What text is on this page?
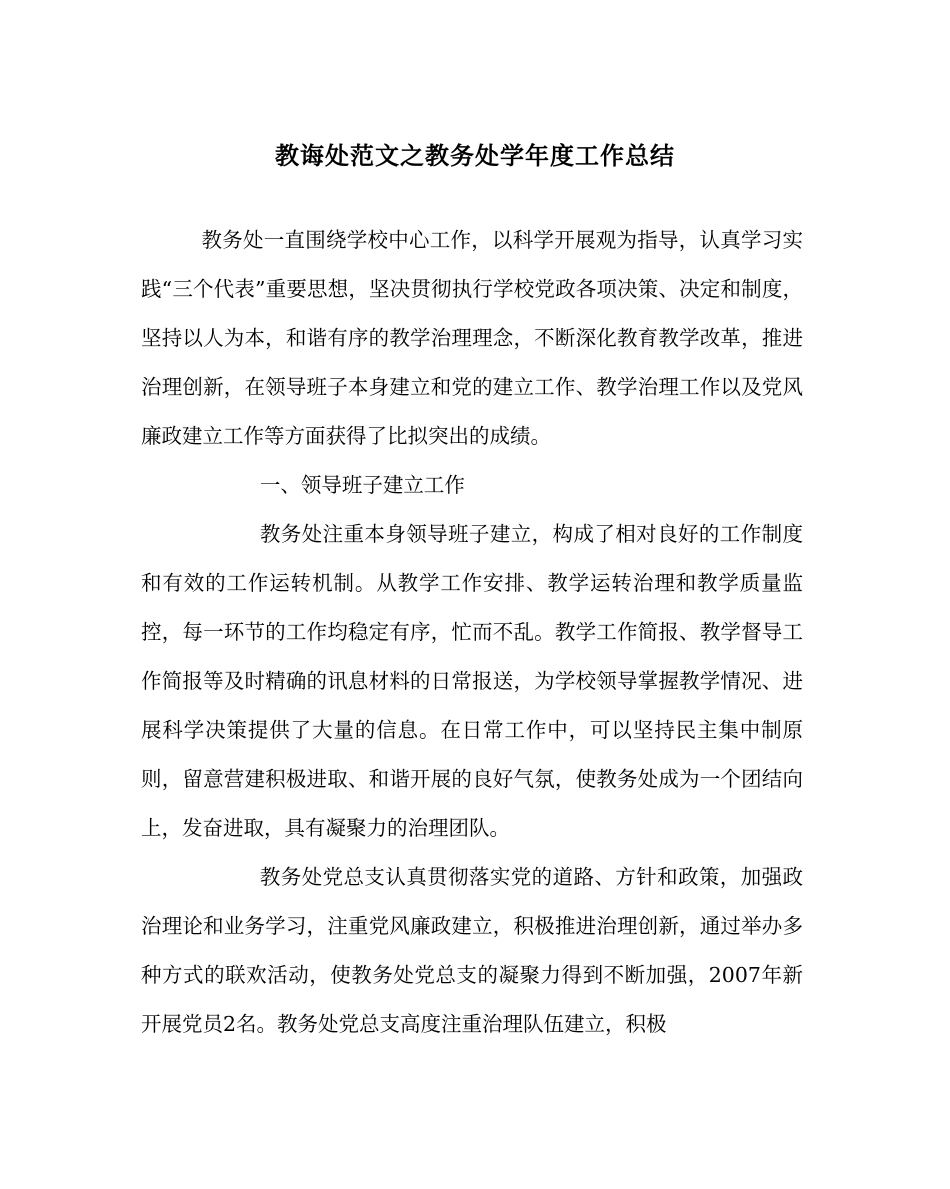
教诲处范文之教务处学年度工作总结

教务处一直围绕学校中心工作，以科学开展观为指导，认真学习实践“三个代表”重要思想，坚决贯彻执行学校党政各项决策、决定和制度，坚持以人为本，和谐有序的教学治理理念，不断深化教育教学改革，推进治理创新，在领导班子本身建立和党的建立工作、教学治理工作以及党风廉政建立工作等方面获得了比拟突出的成绩。

一、领导班子建立工作

教务处注重本身领导班子建立，构成了相对良好的工作制度和有效的工作运转机制。从教学工作安排、教学运转治理和教学质量监控，每一环节的工作均稳定有序，忙而不乱。教学工作简报、教学督导工作简报等及时精确的讯息材料的日常报送，为学校领导掌握教学情况、进展科学决策提供了大量的信息。在日常工作中，可以坚持民主集中制原则，留意营建积极进取、和谐开展的良好气氛，使教务处成为一个团结向上，发奋进取，具有凝聚力的治理团队。

教务处党总支认真贯彻落实党的道路、方针和政策，加强政治理论和业务学习，注重党风廉政建立，积极推进治理创新，通过举办多种方式的联欢活动，使教务处党总支的凝聚力得到不断加强，2007年新开展党员2名。教务处党总支高度注重治理队伍建立，积极
